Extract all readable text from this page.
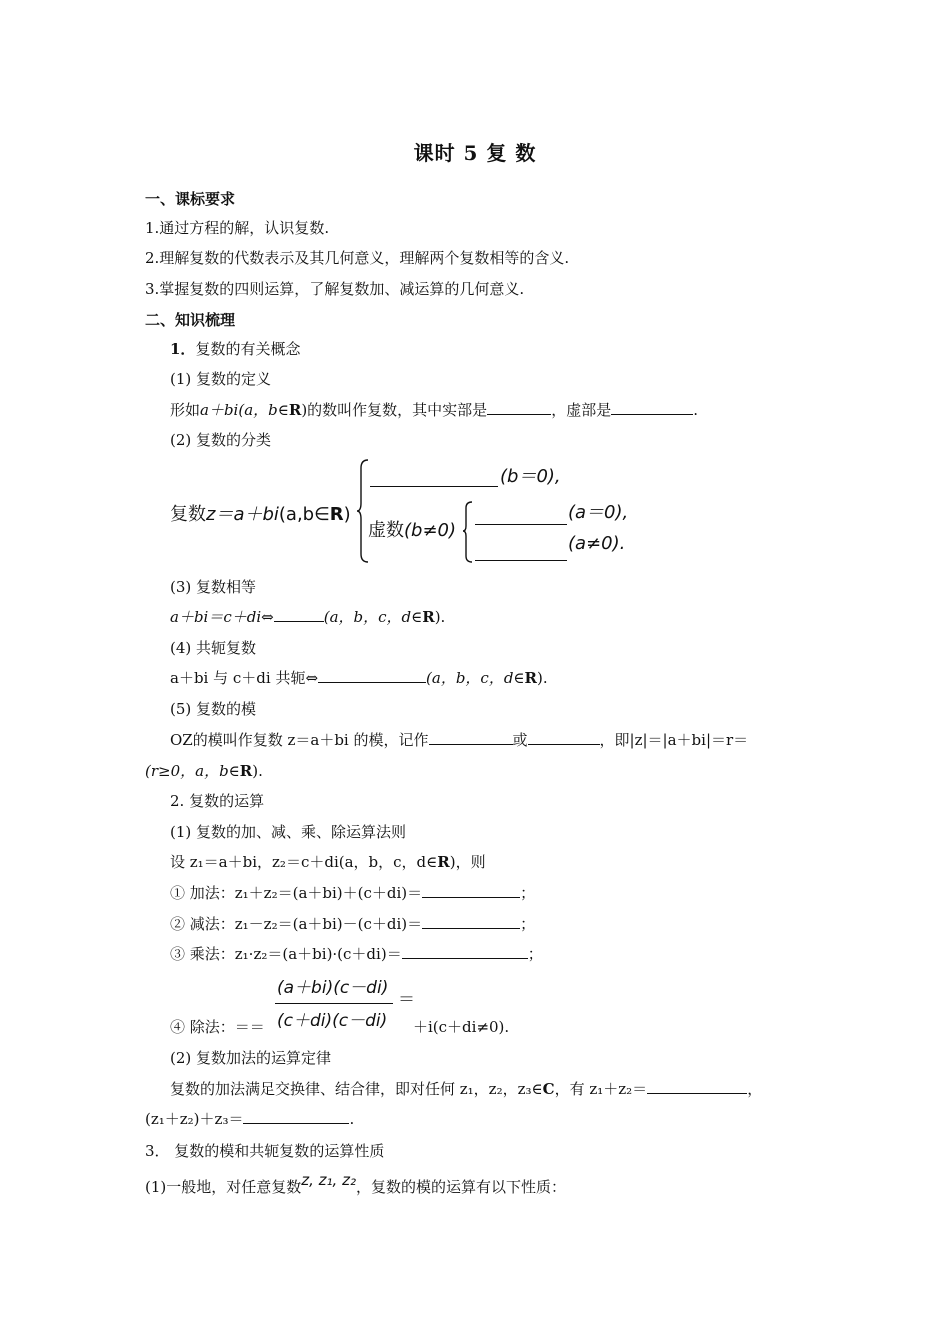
课时 5 复 数
一、课标要求
1.通过方程的解，认识复数.
2.理解复数的代数表示及其几何意义，理解两个复数相等的含义.
3.掌握复数的四则运算，了解复数加、减运算的几何意义.
二、知识梳理
1．复数的有关概念
(1) 复数的定义
形如a＋bi(a，b∈R)的数叫作复数，其中实部是	，虚部是	.
(2) 复数的分类
复数z＝a＋bi(a,b∈R)
(b＝0),
虚数(b≠0)
(a＝0),
(a≠0).
(3) 复数相等
a＋bi＝c＋di⇔	(a，b，c，d∈R).
(4) 共轭复数
a＋bi 与 c＋di 共轭⇔	(a，b，c，d∈R).
(5) 复数的模
OZ的模叫作复数 z＝a＋bi 的模，记作	或	，即|z|＝|a＋bi|＝r＝
(r≥0，a，b∈R).
2. 复数的运算
(1) 复数的加、减、乘、除运算法则
设 z₁＝a＋bi，z₂＝c＋di(a，b，c，d∈R)，则
① 加法：z₁＋z₂＝(a＋bi)＋(c＋di)＝	；
② 减法：z₁－z₂＝(a＋bi)－(c＋di)＝	；
③ 乘法：z₁·z₂＝(a＋bi)·(c＋di)＝	；
④ 除法：＝＝
(a＋bi)(c－di)
(c＋di)(c－di)
＝
＋i(c＋di≠0).
(2) 复数加法的运算定律
复数的加法满足交换律、结合律，即对任何 z₁，z₂，z₃∈C，有 z₁＋z₂＝	，
(z₁＋z₂)＋z₃＝	.
3． 复数的模和共轭复数的运算性质
(1)一般地，对任意复数z, z₁, z₂，复数的模的运算有以下性质：
